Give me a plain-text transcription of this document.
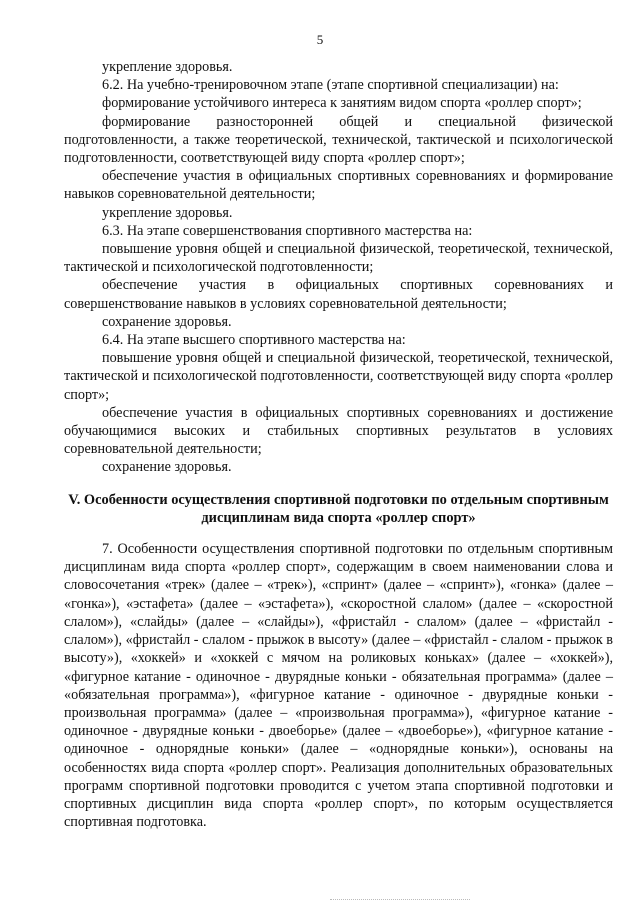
5

укрепление здоровья.

6.2. На учебно-тренировочном этапе (этапе спортивной специализации) на:

формирование устойчивого интереса к занятиям видом спорта «роллер спорт»;

формирование разносторонней общей и специальной физической подготовленности, а также теоретической, технической, тактической и психологической подготовленности, соответствующей виду спорта «роллер спорт»;

обеспечение участия в официальных спортивных соревнованиях и формирование навыков соревновательной деятельности;

укрепление здоровья.

6.3. На этапе совершенствования спортивного мастерства на:

повышение уровня общей и специальной физической, теоретической, технической, тактической и психологической подготовленности;

обеспечение участия в официальных спортивных соревнованиях и совершенствование навыков в условиях соревновательной деятельности;

сохранение здоровья.

6.4. На этапе высшего спортивного мастерства на:

повышение уровня общей и специальной физической, теоретической, технической, тактической и психологической подготовленности, соответствующей виду спорта «роллер спорт»;

обеспечение участия в официальных спортивных соревнованиях и достижение обучающимися высоких и стабильных спортивных результатов в условиях соревновательной деятельности;

сохранение здоровья.

V. Особенности осуществления спортивной подготовки по отдельным спортивным дисциплинам вида спорта «роллер спорт»

7. Особенности осуществления спортивной подготовки по отдельным спортивным дисциплинам вида спорта «роллер спорт», содержащим в своем наименовании слова и словосочетания «трек» (далее – «трек»), «спринт» (далее – «спринт»), «гонка» (далее – «гонка»), «эстафета» (далее – «эстафета»), «скоростной слалом» (далее – «скоростной слалом»), «слайды» (далее – «слайды»), «фристайл - слалом» (далее – «фристайл - слалом»), «фристайл - слалом - прыжок в высоту» (далее – «фристайл - слалом - прыжок в высоту»), «хоккей» и «хоккей с мячом на роликовых коньках» (далее – «хоккей»), «фигурное катание - одиночное - двурядные коньки - обязательная программа» (далее – «обязательная программа»), «фигурное катание - одиночное - двурядные коньки - произвольная программа» (далее – «произвольная программа»), «фигурное катание - одиночное - двурядные коньки - двоеборье» (далее – «двоеборье»), «фигурное катание - одиночное - однорядные коньки» (далее – «однорядные коньки»), основаны на особенностях вида спорта «роллер спорт». Реализация дополнительных образовательных программ спортивной подготовки проводится с учетом этапа спортивной подготовки и спортивных дисциплин вида спорта «роллер спорт», по которым осуществляется спортивная подготовка.
